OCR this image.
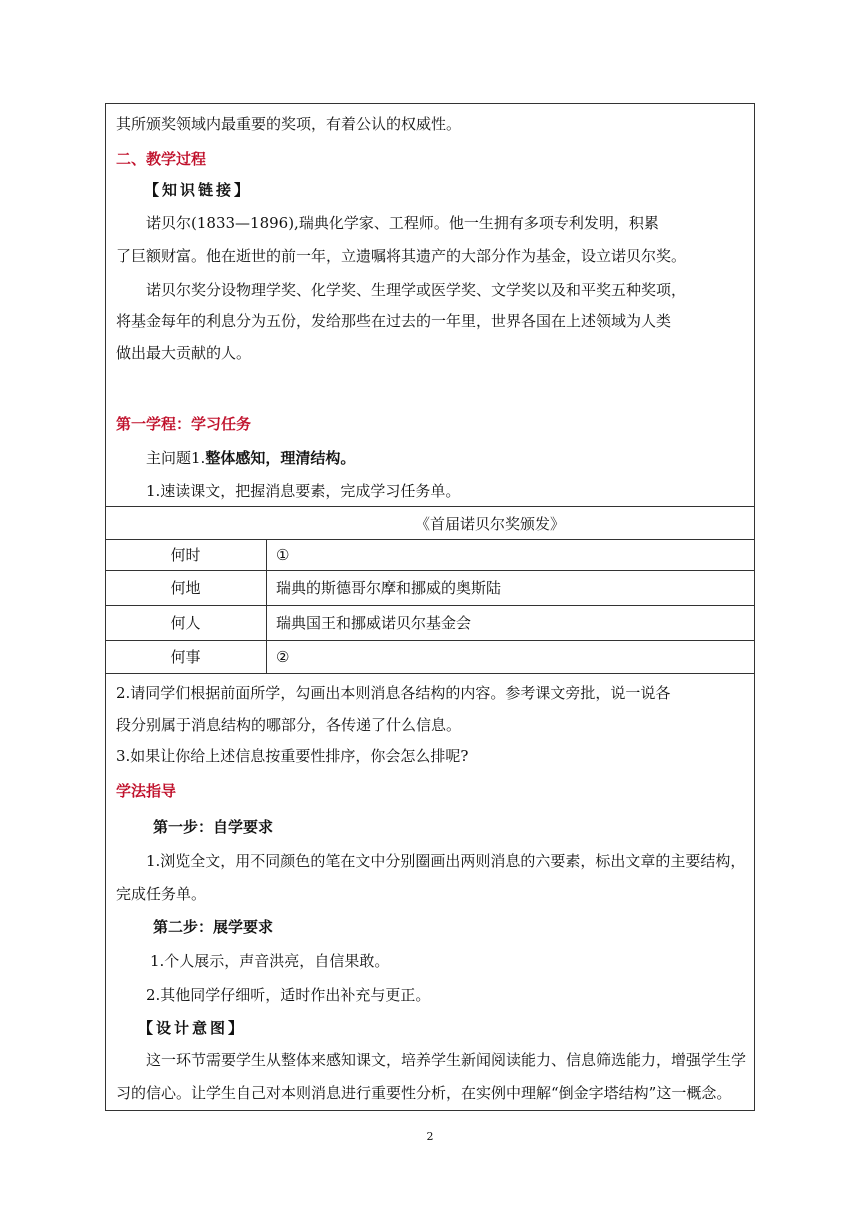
其所颁奖领域内最重要的奖项，有着公认的权威性。
二、教学过程
【知识链接】
诺贝尔(1833—1896),瑞典化学家、工程师。他一生拥有多项专利发明，积累
了巨额财富。他在逝世的前一年，立遗嘱将其遗产的大部分作为基金，设立诺贝尔奖。
诺贝尔奖分设物理学奖、化学奖、生理学或医学奖、文学奖以及和平奖五种奖项，
将基金每年的利息分为五份，发给那些在过去的一年里，世界各国在上述领域为人类
做出最大贡献的人。
第一学程：学习任务
主问题1.整体感知，理清结构。
1.速读课文，把握消息要素，完成学习任务单。
《首届诺贝尔奖颁发》
何时	①
何地	瑞典的斯德哥尔摩和挪威的奥斯陆
何人	瑞典国王和挪威诺贝尔基金会
何事	②
2.请同学们根据前面所学，勾画出本则消息各结构的内容。参考课文旁批，说一说各
段分别属于消息结构的哪部分，各传递了什么信息。
3.如果让你给上述信息按重要性排序，你会怎么排呢?
学法指导
第一步：自学要求
1.浏览全文，用不同颜色的笔在文中分别圈画出两则消息的六要素，标出文章的主要结构，
完成任务单。
第二步：展学要求
1.个人展示，声音洪亮，自信果敢。
2.其他同学仔细听，适时作出补充与更正。
【设计意图】
这一环节需要学生从整体来感知课文，培养学生新闻阅读能力、信息筛选能力，增强学生学
习的信心。让学生自己对本则消息进行重要性分析，在实例中理解“倒金字塔结构”这一概念。
2
